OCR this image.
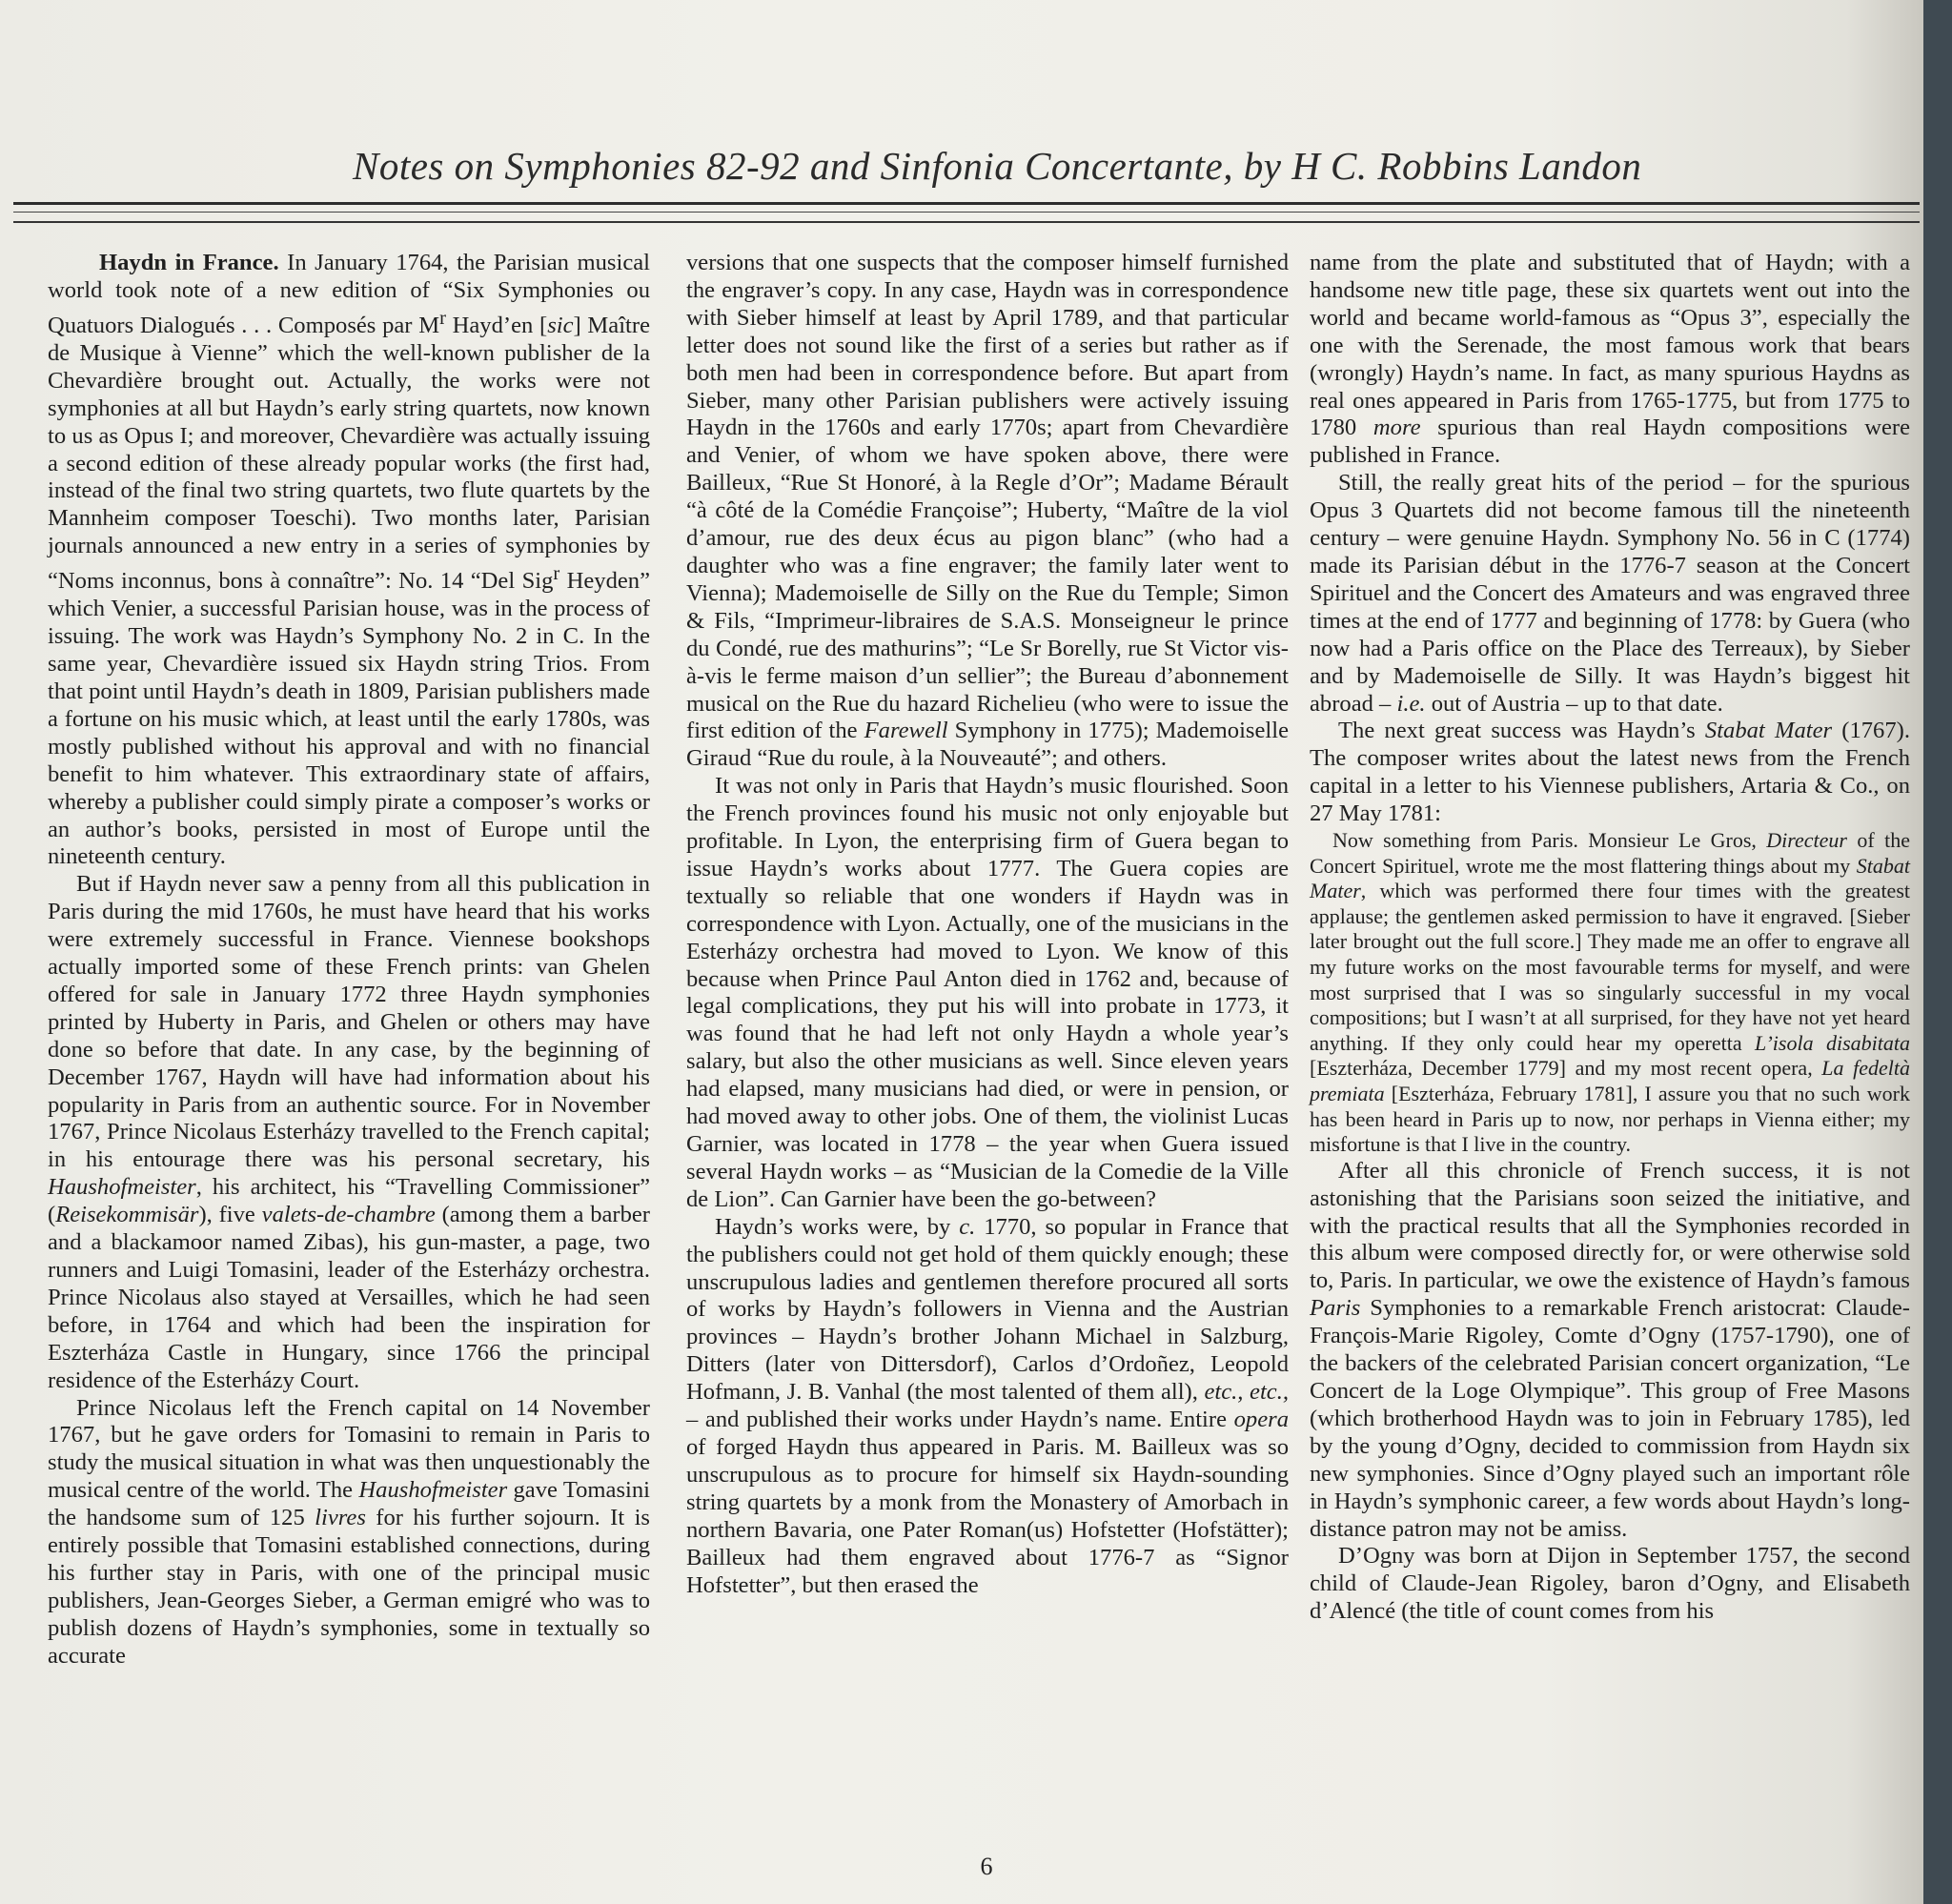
Notes on Symphonies 82-92 and Sinfonia Concertante, by H C. Robbins Landon

Haydn in France. In January 1764, the Parisian musical world took note of a new edition of “Six Symphonies ou Quatuors Dialogués . . . Composés par $M^r$ Hayd’en [sic] Maître de Musique à Vienne” which the well-known publisher de la Chevardière brought out. Actually, the works were not symphonies at all but Haydn’s early string quartets, now known to us as Opus I; and moreover, Chevardière was actually issuing a second edition of these already popular works (the first had, instead of the final two string quartets, two flute quartets by the Mannheim composer Toeschi). Two months later, Parisian journals announced a new entry in a series of symphonies by “Noms inconnus, bons à connaître”: No. 14 “Del Sig$^r$ Heyden” which Venier, a successful Parisian house, was in the process of issuing. The work was Haydn’s Symphony No. 2 in C. In the same year, Chevardière issued six Haydn string Trios. From that point until Haydn’s death in 1809, Parisian publishers made a fortune on his music which, at least until the early 1780s, was mostly published without his approval and with no financial benefit to him whatever. This extraordinary state of affairs, whereby a publisher could simply pirate a composer’s works or an author’s books, persisted in most of Europe until the nineteenth century.

But if Haydn never saw a penny from all this publication in Paris during the mid 1760s, he must have heard that his works were extremely successful in France. Viennese bookshops actually imported some of these French prints: van Ghelen offered for sale in January 1772 three Haydn symphonies printed by Huberty in Paris, and Ghelen or others may have done so before that date. In any case, by the beginning of December 1767, Haydn will have had information about his popularity in Paris from an authentic source. For in November 1767, Prince Nicolaus Esterházy travelled to the French capital; in his entourage there was his personal secretary, his Haushofmeister, his architect, his “Travelling Commissioner” (Reisekommisär), five valets-de-chambre (among them a barber and a blackamoor named Zibas), his gun-master, a page, two runners and Luigi Tomasini, leader of the Esterházy orchestra. Prince Nicolaus also stayed at Versailles, which he had seen before, in 1764 and which had been the inspiration for Eszterháza Castle in Hungary, since 1766 the principal residence of the Esterházy Court.

Prince Nicolaus left the French capital on 14 November 1767, but he gave orders for Tomasini to remain in Paris to study the musical situation in what was then unquestionably the musical centre of the world. The Haushofmeister gave Tomasini the handsome sum of 125 livres for his further sojourn. It is entirely possible that Tomasini established connections, during his further stay in Paris, with one of the principal music publishers, Jean-Georges Sieber, a German emigré who was to publish dozens of Haydn’s symphonies, some in textually so accurate

versions that one suspects that the composer himself furnished the engraver’s copy. In any case, Haydn was in correspondence with Sieber himself at least by April 1789, and that particular letter does not sound like the first of a series but rather as if both men had been in correspondence before. But apart from Sieber, many other Parisian publishers were actively issuing Haydn in the 1760s and early 1770s; apart from Chevardière and Venier, of whom we have spoken above, there were Bailleux, “Rue St Honoré, à la Regle d’Or”; Madame Bérault “à côté de la Comédie Françoise”; Huberty, “Maître de la viol d’amour, rue des deux écus au pigon blanc” (who had a daughter who was a fine engraver; the family later went to Vienna); Mademoiselle de Silly on the Rue du Temple; Simon & Fils, “Imprimeur-libraires de S.A.S. Monseigneur le prince du Condé, rue des mathurins”; “Le Sr Borelly, rue St Victor vis-à-vis le ferme maison d’un sellier”; the Bureau d’abonnement musical on the Rue du hazard Richelieu (who were to issue the first edition of the Farewell Symphony in 1775); Mademoiselle Giraud “Rue du roule, à la Nouveauté”; and others.

It was not only in Paris that Haydn’s music flourished. Soon the French provinces found his music not only enjoyable but profitable. In Lyon, the enterprising firm of Guera began to issue Haydn’s works about 1777. The Guera copies are textually so reliable that one wonders if Haydn was in correspondence with Lyon. Actually, one of the musicians in the Esterházy orchestra had moved to Lyon. We know of this because when Prince Paul Anton died in 1762 and, because of legal complications, they put his will into probate in 1773, it was found that he had left not only Haydn a whole year’s salary, but also the other musicians as well. Since eleven years had elapsed, many musicians had died, or were in pension, or had moved away to other jobs. One of them, the violinist Lucas Garnier, was located in 1778 – the year when Guera issued several Haydn works – as “Musician de la Comedie de la Ville de Lion”. Can Garnier have been the go-between?

Haydn’s works were, by c. 1770, so popular in France that the publishers could not get hold of them quickly enough; these unscrupulous ladies and gentlemen therefore procured all sorts of works by Haydn’s followers in Vienna and the Austrian provinces – Haydn’s brother Johann Michael in Salzburg, Ditters (later von Dittersdorf), Carlos d’Ordoñez, Leopold Hofmann, J. B. Vanhal (the most talented of them all), etc., etc., – and published their works under Haydn’s name. Entire opera of forged Haydn thus appeared in Paris. M. Bailleux was so unscrupulous as to procure for himself six Haydn-sounding string quartets by a monk from the Monastery of Amorbach in northern Bavaria, one Pater Roman(us) Hofstetter (Hofstätter); Bailleux had them engraved about 1776-7 as “Signor Hofstetter”, but then erased the

name from the plate and substituted that of Haydn; with a handsome new title page, these six quartets went out into the world and became world-famous as “Opus 3”, especially the one with the Serenade, the most famous work that bears (wrongly) Haydn’s name. In fact, as many spurious Haydns as real ones appeared in Paris from 1765-1775, but from 1775 to 1780 more spurious than real Haydn compositions were published in France.

Still, the really great hits of the period – for the spurious Opus 3 Quartets did not become famous till the nineteenth century – were genuine Haydn. Symphony No. 56 in C (1774) made its Parisian début in the 1776-7 season at the Concert Spirituel and the Concert des Amateurs and was engraved three times at the end of 1777 and beginning of 1778: by Guera (who now had a Paris office on the Place des Terreaux), by Sieber and by Mademoiselle de Silly. It was Haydn’s biggest hit abroad – i.e. out of Austria – up to that date.

The next great success was Haydn’s Stabat Mater (1767). The composer writes about the latest news from the French capital in a letter to his Viennese publishers, Artaria & Co., on 27 May 1781:

Now something from Paris. Monsieur Le Gros, Directeur of the Concert Spirituel, wrote me the most flattering things about my Stabat Mater, which was performed there four times with the greatest applause; the gentlemen asked permission to have it engraved. [Sieber later brought out the full score.] They made me an offer to engrave all my future works on the most favourable terms for myself, and were most surprised that I was so singularly successful in my vocal compositions; but I wasn’t at all surprised, for they have not yet heard anything. If they only could hear my operetta L’isola disabitata [Eszterháza, December 1779] and my most recent opera, La fedeltà premiata [Eszterháza, February 1781], I assure you that no such work has been heard in Paris up to now, nor perhaps in Vienna either; my misfortune is that I live in the country.

After all this chronicle of French success, it is not astonishing that the Parisians soon seized the initiative, and with the practical results that all the Symphonies recorded in this album were composed directly for, or were otherwise sold to, Paris. In particular, we owe the existence of Haydn’s famous Paris Symphonies to a remarkable French aristocrat: Claude-François-Marie Rigoley, Comte d’Ogny (1757-1790), one of the backers of the celebrated Parisian concert organization, “Le Concert de la Loge Olympique”. This group of Free Masons (which brotherhood Haydn was to join in February 1785), led by the young d’Ogny, decided to commission from Haydn six new symphonies. Since d’Ogny played such an important rôle in Haydn’s symphonic career, a few words about Haydn’s long-distance patron may not be amiss.

D’Ogny was born at Dijon in September 1757, the second child of Claude-Jean Rigoley, baron d’Ogny, and Elisabeth d’Alencé (the title of count comes from his

6
